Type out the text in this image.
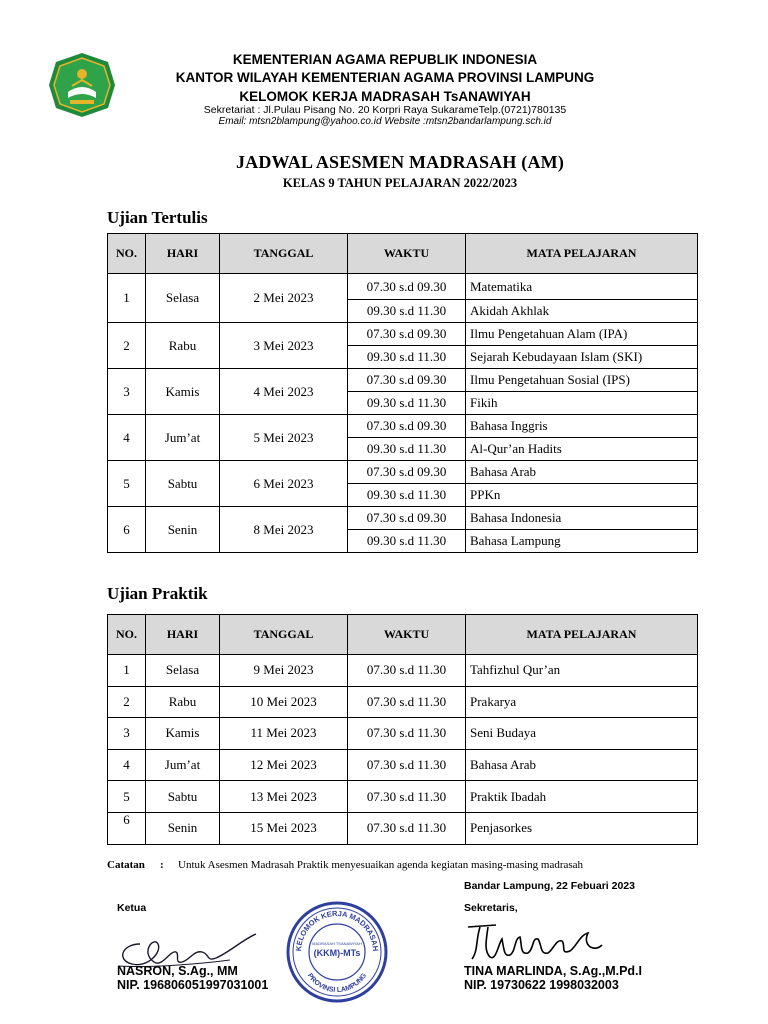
KEMENTERIAN AGAMA REPUBLIK INDONESIA
KANTOR WILAYAH KEMENTERIAN AGAMA PROVINSI LAMPUNG
KELOMOK KERJA MADRASAH TsANAWIYAH
Sekretariat : Jl.Pulau Pisang No. 20 Korpri Raya SukarameTelp.(0721)780135
Email: mtsn2blampung@yahoo.co.id Website :mtsn2bandarlampung.sch.id
JADWAL ASESMEN MADRASAH (AM)
KELAS 9 TAHUN PELAJARAN 2022/2023
Ujian Tertulis
NO.	HARI	TANGGAL	WAKTU	MATA PELAJARAN
1	Selasa	2 Mei 2023	07.30 s.d 09.30	Matematika
			09.30 s.d 11.30	Akidah Akhlak
2	Rabu	3 Mei 2023	07.30 s.d 09.30	Ilmu Pengetahuan Alam (IPA)
			09.30 s.d 11.30	Sejarah Kebudayaan Islam (SKI)
3	Kamis	4 Mei 2023	07.30 s.d 09.30	Ilmu Pengetahuan Sosial (IPS)
			09.30 s.d 11.30	Fikih
4	Jum’at	5 Mei 2023	07.30 s.d 09.30	Bahasa Inggris
			09.30 s.d 11.30	Al-Qur’an Hadits
5	Sabtu	6 Mei 2023	07.30 s.d 09.30	Bahasa Arab
			09.30 s.d 11.30	PPKn
6	Senin	8 Mei 2023	07.30 s.d 09.30	Bahasa Indonesia
			09.30 s.d 11.30	Bahasa Lampung
Ujian Praktik
NO.	HARI	TANGGAL	WAKTU	MATA PELAJARAN
1	Selasa	9 Mei 2023	07.30 s.d 11.30	Tahfizhul Qur’an
2	Rabu	10 Mei 2023	07.30 s.d 11.30	Prakarya
3	Kamis	11 Mei 2023	07.30 s.d 11.30	Seni Budaya
4	Jum’at	12 Mei 2023	07.30 s.d 11.30	Bahasa Arab
5	Sabtu	13 Mei 2023	07.30 s.d 11.30	Praktik Ibadah
6	Senin	15 Mei 2023	07.30 s.d 11.30	Penjasorkes
Catatan : Untuk Asesmen Madrasah Praktik menyesuaikan agenda kegiatan masing-masing madrasah
Bandar Lampung, 22 Febuari 2023
Ketua	Sekretaris,
KELOMOK KERJA MADRASAH
MADRASAH TSANAWIYAH
(KKM)-MTs
PROVINSI LAMPUNG
NASRON, S.Ag., MM
NIP. 196806051997031001
TINA MARLINDA, S.Ag.,M.Pd.I
NIP. 19730622 1998032003
